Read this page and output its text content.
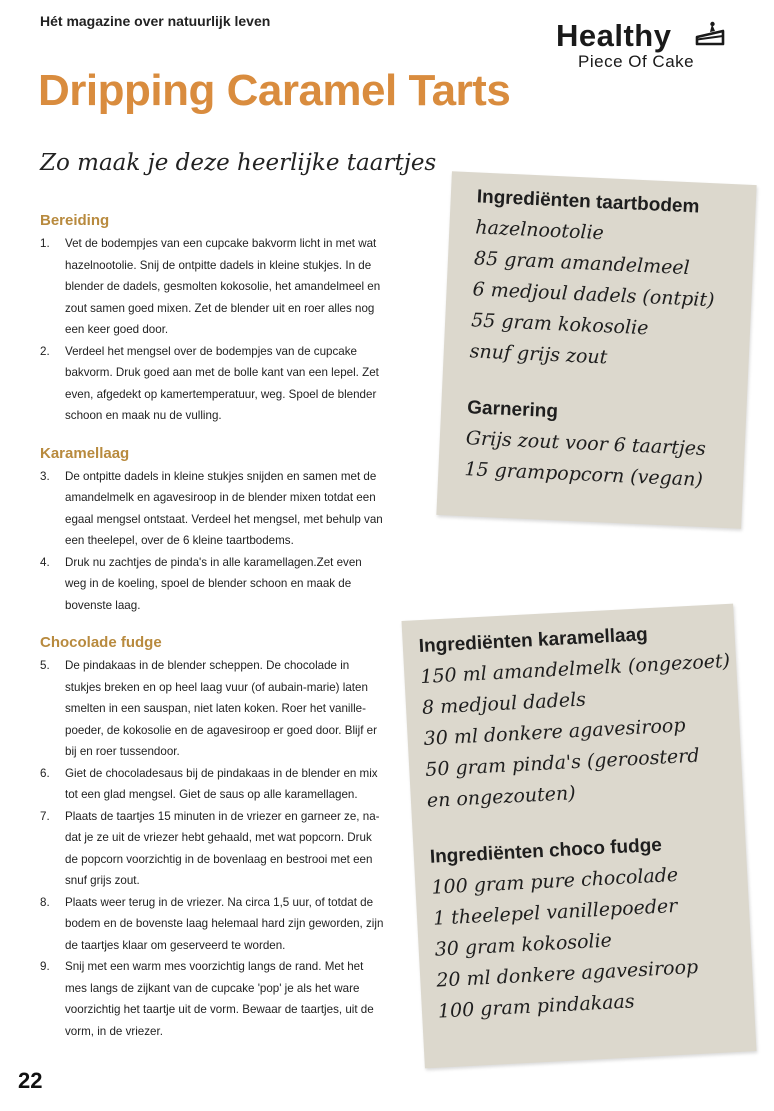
Hét magazine over natuurlijk leven	Healthy
Piece Of Cake
Dripping Caramel Tarts
Zo maak je deze heerlijke taartjes
Bereiding
1. Vet de bodempjes van een cupcake bakvorm licht in met wat hazelnootolie. Snij de ontpitte dadels in kleine stukjes. In de blender de dadels, gesmolten kokosolie, het amandelmeel en zout samen goed mixen. Zet de blender uit en roer alles nog een keer goed door.
2. Verdeel het mengsel over de bodempjes van de cupcake bakvorm. Druk goed aan met de bolle kant van een lepel. Zet even, afgedekt op kamertemperatuur, weg. Spoel de blender schoon en maak nu de vulling.
Karamellaag
3. De ontpitte dadels in kleine stukjes snijden en samen met de amandelmelk en agavesiroop in de blender mixen totdat een egaal mengsel ontstaat. Verdeel het mengsel, met behulp van een theelepel, over de 6 kleine taartbodems.
4. Druk nu zachtjes de pinda's in alle karamellagen.Zet even weg in de koeling, spoel de blender schoon en maak de bovenste laag.
Chocolade fudge
5. De pindakaas in de blender scheppen. De chocolade in stukjes breken en op heel laag vuur (of aubain-marie) laten smelten in een sauspan, niet laten koken. Roer het vanille-poeder, de kokosolie en de agavesiroop er goed door. Blijf er bij en roer tussendoor.
6. Giet de chocoladesaus bij de pindakaas in de blender en mix tot een glad mengsel. Giet de saus op alle karamellagen.
7. Plaats de taartjes 15 minuten in de vriezer en garneer ze, na-dat je ze uit de vriezer hebt gehaald, met wat popcorn. Druk de popcorn voorzichtig in de bovenlaag en bestrooi met een snuf grijs zout.
8. Plaats weer terug in de vriezer. Na circa 1,5 uur, of totdat de bodem en de bovenste laag helemaal hard zijn geworden, zijn de taartjes klaar om geserveerd te worden.
9. Snij met een warm mes voorzichtig langs de rand. Met het mes langs de zijkant van de cupcake 'pop' je als het ware voorzichtig het taartje uit de vorm. Bewaar de taartjes, uit de vorm, in de vriezer.
Ingrediënten taartbodem
hazelnootolie
85 gram amandelmeel
6 medjoul dadels (ontpit)
55 gram kokosolie
snuf grijs zout
Garnering
Grijs zout voor 6 taartjes
15 grampopcorn (vegan)
Ingrediënten karamellaag
150 ml amandelmelk (ongezoet)
8 medjoul dadels
30 ml donkere agavesiroop
50 gram pinda's (geroosterd
en ongezouten)
Ingrediënten choco fudge
100 gram pure chocolade
1 theelepel vanillepoeder
30 gram kokosolie
20 ml donkere agavesiroop
100 gram pindakaas
22
